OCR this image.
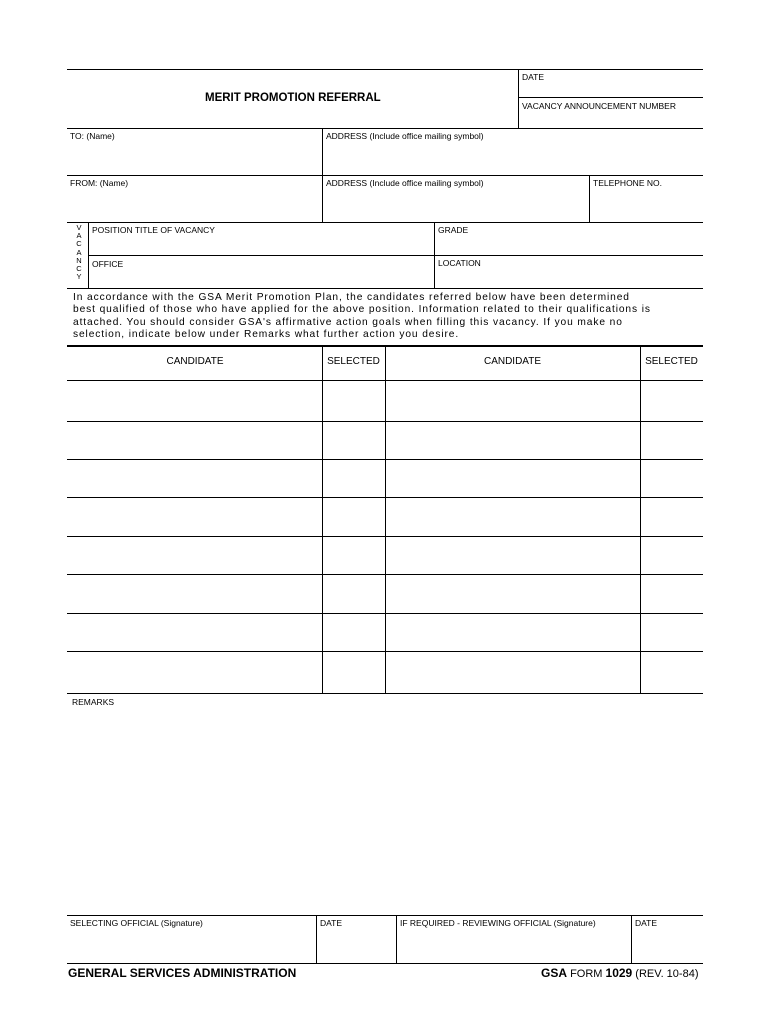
MERIT PROMOTION REFERRAL
DATE
VACANCY ANNOUNCEMENT NUMBER
TO: (Name)	ADDRESS (Include office mailing symbol)
FROM: (Name)	ADDRESS (Include office mailing symbol)	TELEPHONE NO.
V
A
C
A
N
C
Y
POSITION TITLE OF VACANCY	GRADE
OFFICE	LOCATION
In accordance with the GSA Merit Promotion Plan, the candidates referred below have been determined
best qualified of those who have applied for the above position. Information related to their qualifications is
attached. You should consider GSA's affirmative action goals when filling this vacancy. If you make no
selection, indicate below under Remarks what further action you desire.
CANDIDATE	SELECTED	CANDIDATE	SELECTED
REMARKS
SELECTING OFFICIAL (Signature)	DATE	IF REQUIRED - REVIEWING OFFICIAL (Signature)	DATE
GENERAL SERVICES ADMINISTRATION	GSA FORM 1029 (REV. 10-84)
